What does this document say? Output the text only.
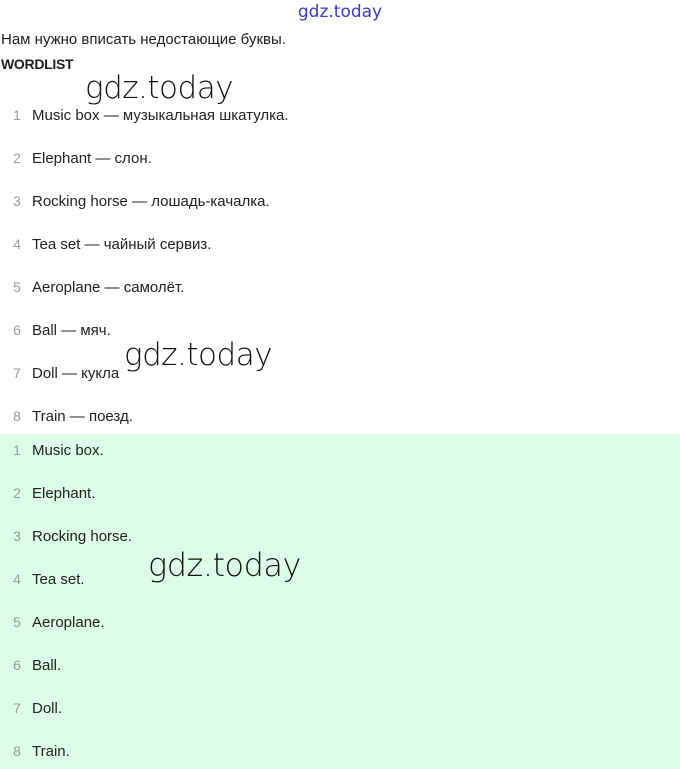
gdz.today
Нам нужно вписать недостающие буквы.
WORDLIST
1 Music box — музыкальная шкатулка.
2 Elephant — слон.
3 Rocking horse — лошадь-качалка.
4 Tea set — чайный сервиз.
5 Aeroplane — самолёт.
6 Ball — мяч.
7 Doll — кукла
8 Train — поезд.
1 Music box.
2 Elephant.
3 Rocking horse.
4 Tea set.
5 Aeroplane.
6 Ball.
7 Doll.
8 Train.
gdz.today
gdz.today
gdz.today
